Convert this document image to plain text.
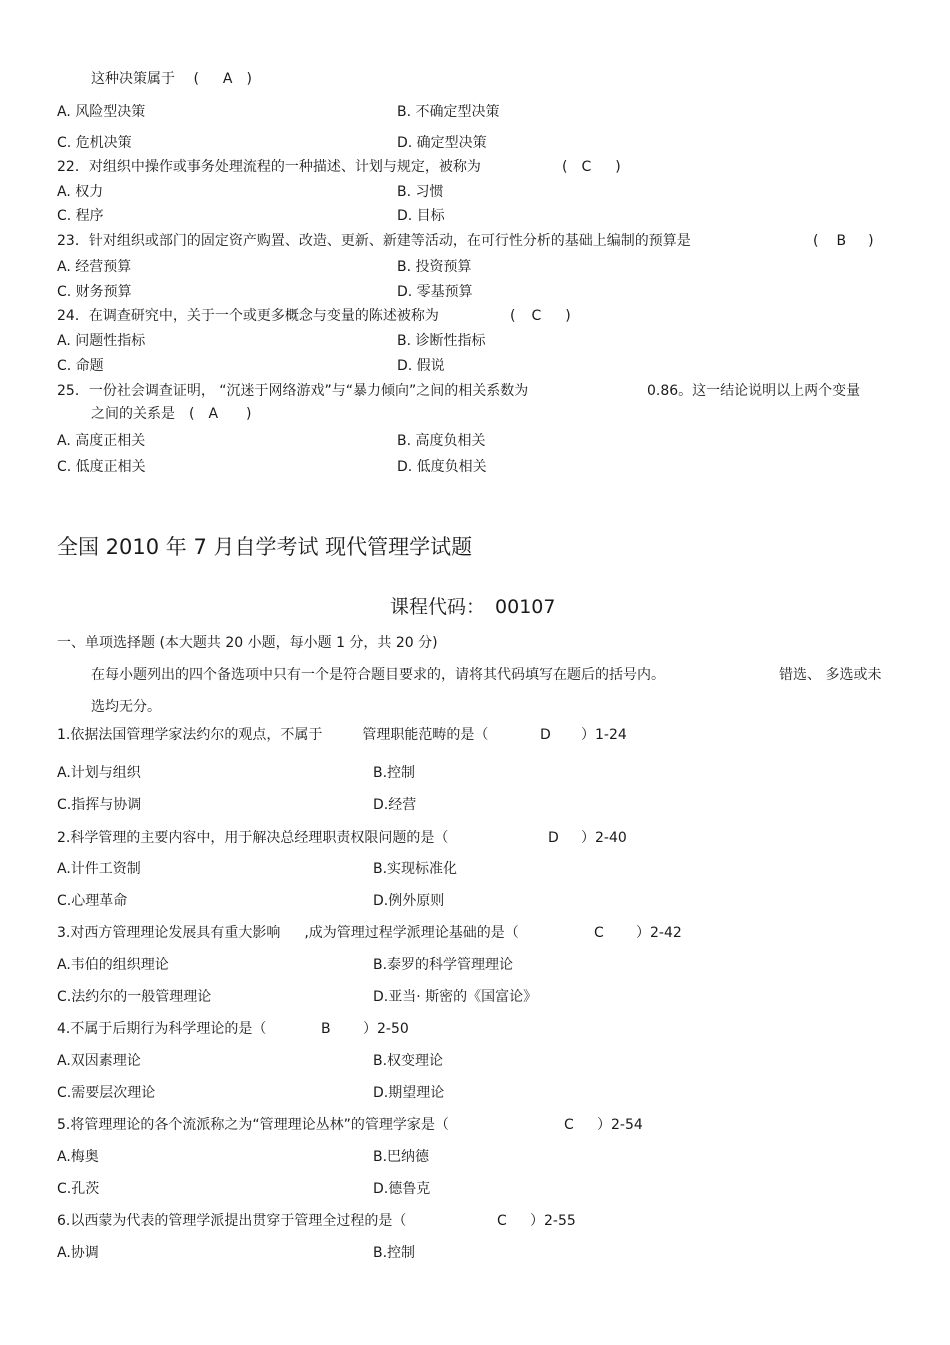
这种决策属于 ( A )
A. 风险型决策	B. 不确定型决策
C. 危机决策	D. 确定型决策
22．对组织中操作或事务处理流程的一种描述、计划与规定，被称为	( C )
A. 权力	B. 习惯
C. 程序	D. 目标
23．针对组织或部门的固定资产购置、改造、更新、新建等活动，在可行性分析的基础上编制的预算是	( B )
A. 经营预算	B. 投资预算
C. 财务预算	D. 零基预算
24．在调查研究中，关于一个或更多概念与变量的陈述被称为	( C )
A. 问题性指标	B. 诊断性指标
C. 命题	D. 假说
25．一份社会调查证明， “沉迷于网络游戏”与“暴力倾向”之间的相关系数为	0.86。这一结论说明以上两个变量
之间的关系是 ( A )
A. 高度正相关	B. 高度负相关
C. 低度正相关	D. 低度负相关
全国 2010 年 7 月自学考试 现代管理学试题
课程代码： 00107
一、单项选择题 (本大题共 20 小题，每小题 1 分，共 20 分)
在每小题列出的四个备选项中只有一个是符合题目要求的，请将其代码填写在题后的括号内。	错选、 多选或未
选均无分。
1.依据法国管理学家法约尔的观点，不属于	管理职能范畴的是（	D ）1-24
A.计划与组织	B.控制
C.指挥与协调	D.经营
2.科学管理的主要内容中，用于解决总经理职责权限问题的是（	D ）2-40
A.计件工资制	B.实现标准化
C.心理革命	D.例外原则
3.对西方管理理论发展具有重大影响 ,成为管理过程学派理论基础的是（	C ）2-42
A.韦伯的组织理论	B.泰罗的科学管理理论
C.法约尔的一般管理理论	D.亚当· 斯密的《国富论》
4.不属于后期行为科学理论的是（	B ）2-50
A.双因素理论	B.权变理论
C.需要层次理论	D.期望理论
5.将管理理论的各个流派称之为“管理理论丛林”的管理学家是（	C ）2-54
A.梅奥	B.巴纳德
C.孔茨	D.德鲁克
6.以西蒙为代表的管理学派提出贯穿于管理全过程的是（	C ）2-55
A.协调	B.控制
